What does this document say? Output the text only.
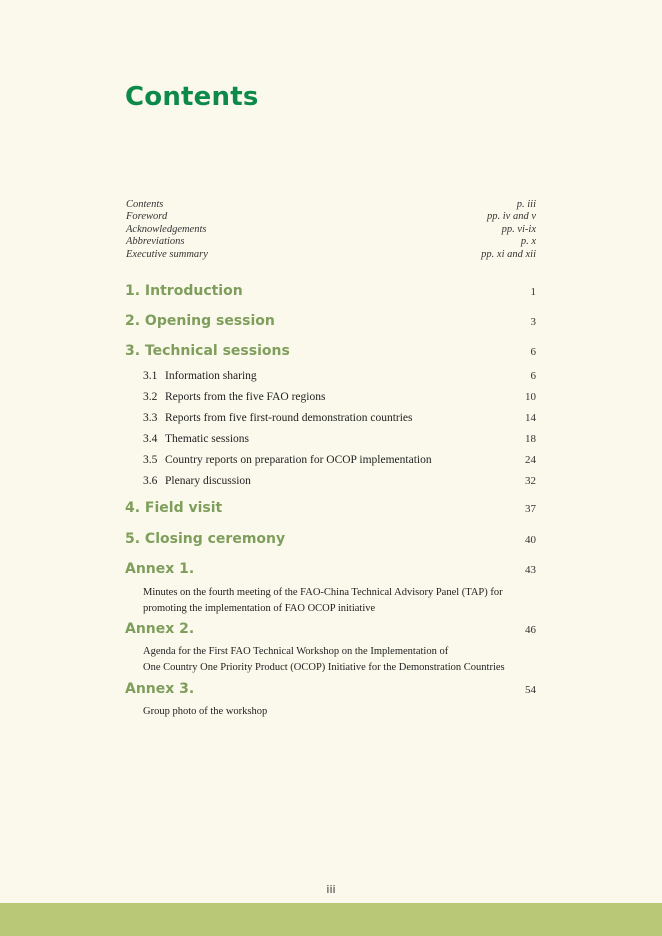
Contents
Contents	p. iii
Foreword	pp. iv and v
Acknowledgements	pp. vi-ix
Abbreviations	p. x
Executive summary	pp. xi and xii
1. Introduction	1
2. Opening session	3
3. Technical sessions	6
3.1 Information sharing	6
3.2 Reports from the five FAO regions	10
3.3 Reports from five first-round demonstration countries	14
3.4 Thematic sessions	18
3.5 Country reports on preparation for OCOP implementation	24
3.6 Plenary discussion	32
4. Field visit	37
5. Closing ceremony	40
Annex 1.	43
Minutes on the fourth meeting of the FAO-China Technical Advisory Panel (TAP) for
promoting the implementation of FAO OCOP initiative
Annex 2.	46
Agenda for the First FAO Technical Workshop on the Implementation of
One Country One Priority Product (OCOP) Initiative for the Demonstration Countries
Annex 3.	54
Group photo of the workshop
iii
